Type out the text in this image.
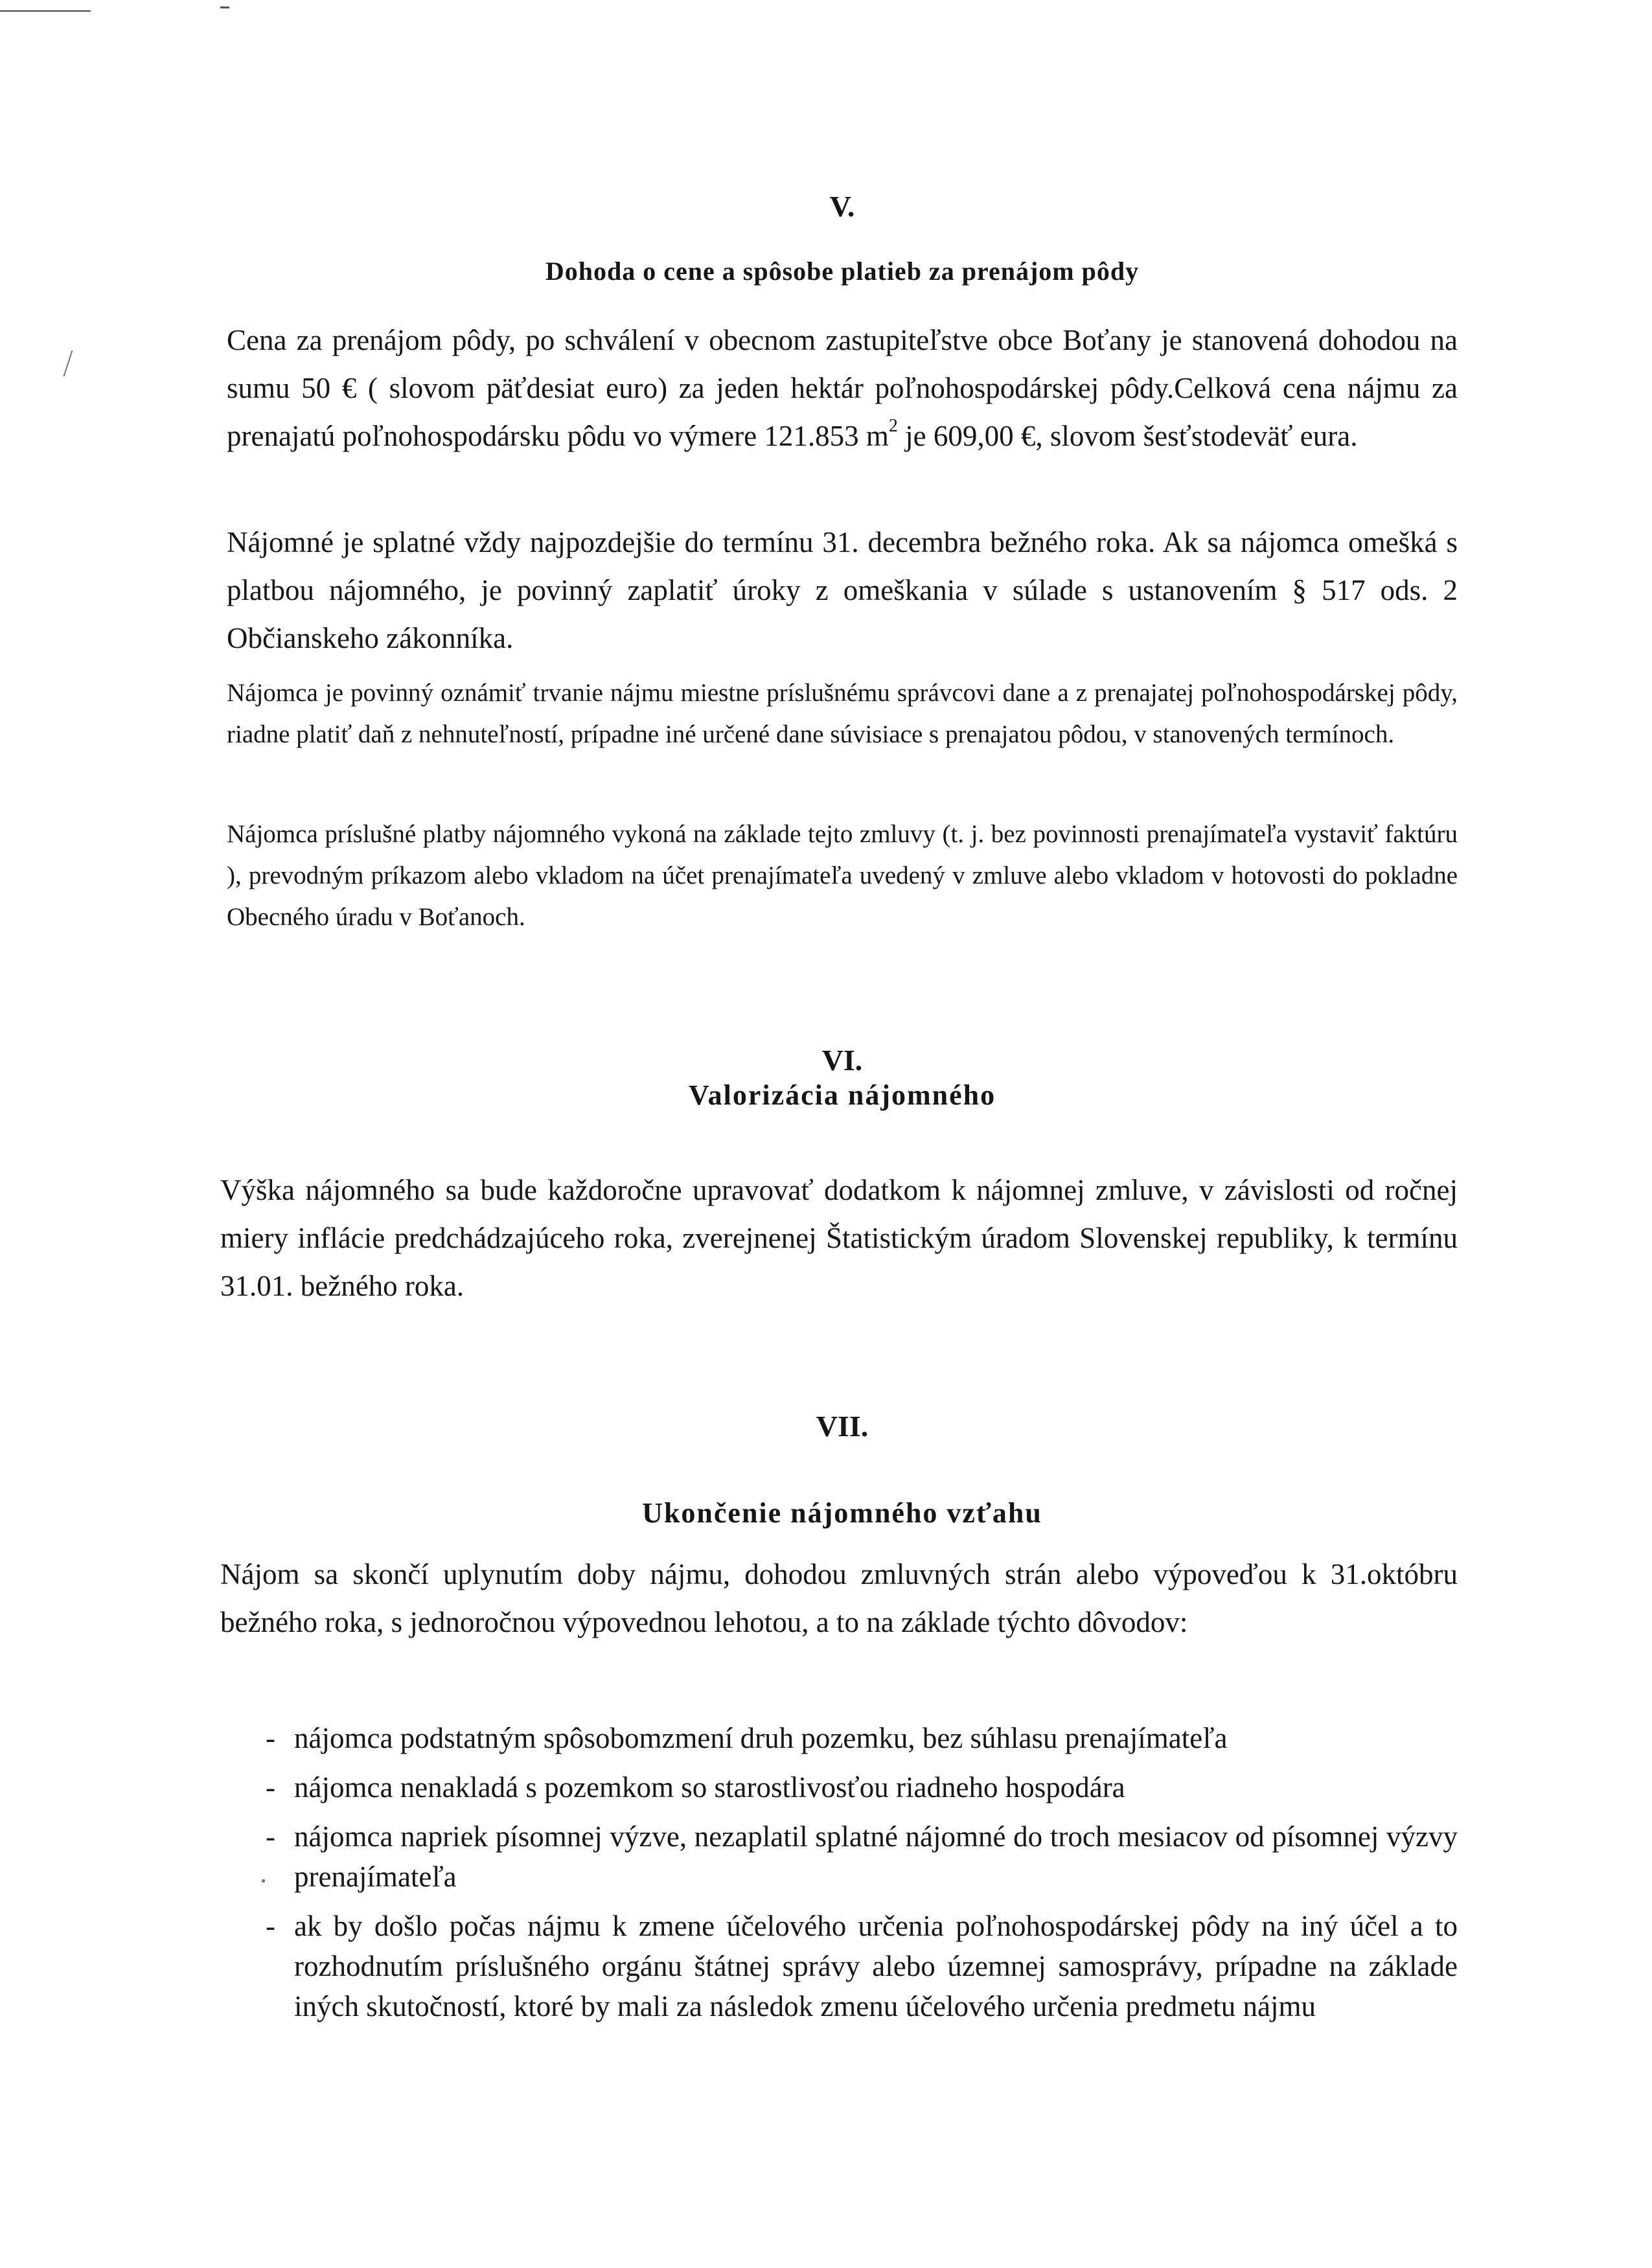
V.
Dohoda o cene a spôsobe platieb za prenájom pôdy

Cena za prenájom pôdy, po schválení v obecnom zastupiteľstve obce Boťany je stanovená dohodou na sumu 50 € ( slovom päťdesiat euro) za jeden hektár poľnohospodárskej pôdy.Celková cena nájmu za prenajatú poľnohospodársku pôdu vo výmere 121.853 $m^2$ je 609,00 €, slovom šesťstodeväť eura.

Nájomné je splatné vždy najpozdejšie do termínu 31. decembra bežného roka. Ak sa nájomca omešká s platbou nájomného, je povinný zaplatiť úroky z omeškania v súlade s ustanovením § 517 ods. 2 Občianskeho zákonníka.

Nájomca je povinný oznámiť trvanie nájmu miestne príslušnému správcovi dane a z prenajatej poľnohospodárskej pôdy, riadne platiť daň z nehnuteľností, prípadne iné určené dane súvisiace s prenajatou pôdou, v stanovených termínoch.

Nájomca príslušné platby nájomného vykoná na základe tejto zmluvy (t. j. bez povinnosti prenajímateľa vystaviť faktúru ), prevodným príkazom alebo vkladom na účet prenajímateľa uvedený v zmluve alebo vkladom v hotovosti do pokladne Obecného úradu v Boťanoch.

VI.
Valorizácia nájomného

Výška nájomného sa bude každoročne upravovať dodatkom k nájomnej zmluve, v závislosti od ročnej miery inflácie predchádzajúceho roka, zverejnenej Štatistickým úradom Slovenskej republiky, k termínu 31.01. bežného roka.

VII.
Ukončenie nájomného vzťahu

Nájom sa skončí uplynutím doby nájmu, dohodou zmluvných strán alebo výpoveďou k 31.októbru bežného roka, s jednoročnou výpovednou lehotou, a to na základe týchto dôvodov:

- nájomca podstatným spôsobomzmení druh pozemku, bez súhlasu prenajímateľa
- nájomca nenakladá s pozemkom so starostlivosťou riadneho hospodára
- nájomca napriek písomnej výzve, nezaplatil splatné nájomné do troch mesiacov od písomnej výzvy prenajímateľa
- ak by došlo počas nájmu k zmene účelového určenia poľnohospodárskej pôdy na iný účel a to rozhodnutím príslušného orgánu štátnej správy alebo územnej samosprávy, prípadne na základe iných skutočností, ktoré by mali za následok zmenu účelového určenia predmetu nájmu
